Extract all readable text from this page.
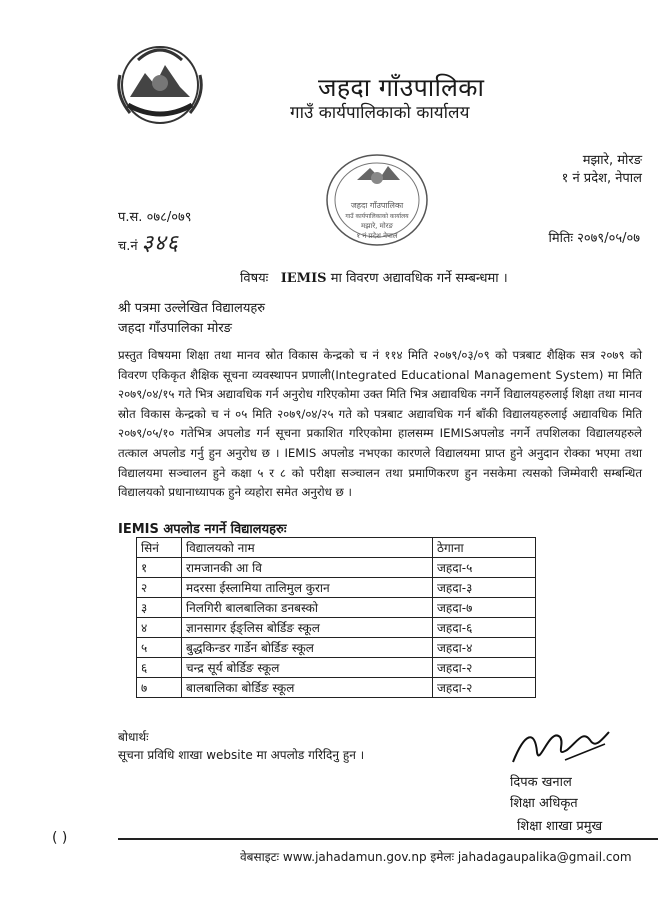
जहदा गाँउपालिका
गाउँ कार्यपालिकाको कार्यालय
जहदा गाँउपालिका
गाउँ कार्यपालिकाको कार्यालय
मझारे, मोरङ
१ नं प्रदेश नेपाल
मझारे, मोरङ
१ नं प्रदेश, नेपाल
प.स. ०७८/०७९
च.नं ३४६	मितिः २०७९/०५/०७
विषयः IEMIS मा विवरण अद्यावधिक गर्ने सम्बन्धमा ।
श्री पत्रमा उल्लेखित विद्यालयहरु
जहदा गाँउपालिका मोरङ
प्रस्तुत विषयमा शिक्षा तथा मानव स्रोत विकास केन्द्रको च नं ११४ मिति २०७९/०३/०९ को पत्रबाट शैक्षिक सत्र २०७९ को विवरण एकिकृत शैक्षिक सूचना व्यवस्थापन प्रणाली(Integrated Educational Management System) मा मिति २०७९/०४/१५ गते भित्र अद्यावधिक गर्न अनुरोध गरिएकोमा उक्त मिति भित्र अद्यावधिक नगर्ने विद्यालयहरुलाई शिक्षा तथा मानव स्रोत विकास केन्द्रको च नं ०५ मिति २०७९/०४/२५ गते को पत्रबाट अद्यावधिक गर्न बाँकी विद्यालयहरुलाई अद्यावधिक मिति २०७९/०५/१० गतेभित्र अपलोड गर्न सूचना प्रकाशित गरिएकोमा हालसम्म IEMISअपलोड नगर्ने तपशिलका विद्यालयहरुले तत्काल अपलोड गर्नु हुन अनुरोध छ । IEMIS अपलोड नभएका कारणले विद्यालयमा प्राप्त हुने अनुदान रोक्का भएमा तथा विद्यालयमा सञ्चालन हुने कक्षा ५ र ८ को परीक्षा सञ्चालन तथा प्रमाणिकरण हुन नसकेमा त्यसको जिम्मेवारी सम्बन्धित विद्यालयको प्रधानाध्यापक हुने व्यहोरा समेत अनुरोध छ ।
IEMIS अपलोड नगर्ने विद्यालयहरुः
सिनं	विद्यालयको नाम	ठेगाना
१	रामजानकी आ वि	जहदा-५
२	मदरसा ईस्लामिया तालिमुल कुरान	जहदा-३
३	निलगिरी बालबालिका डनबस्को	जहदा-७
४	ज्ञानसागर ईङ्लिस बोर्डिङ स्कूल	जहदा-६
५	बुद्धकिन्डर गार्डेन बोर्डिङ स्कूल	जहदा-४
६	चन्द्र सूर्य बोर्डिङ स्कूल	जहदा-२
७	बालबालिका बोर्डिङ स्कूल	जहदा-२
बोधार्थः
सूचना प्रविधि शाखा website मा अपलोड गरिदिनु हुन ।
दिपक खनाल
शिक्षा अधिकृत
शिक्षा शाखा प्रमुख
( )
वेबसाइटः www.jahadamun.gov.np इमेलः jahadagaupalika@gmail.com
